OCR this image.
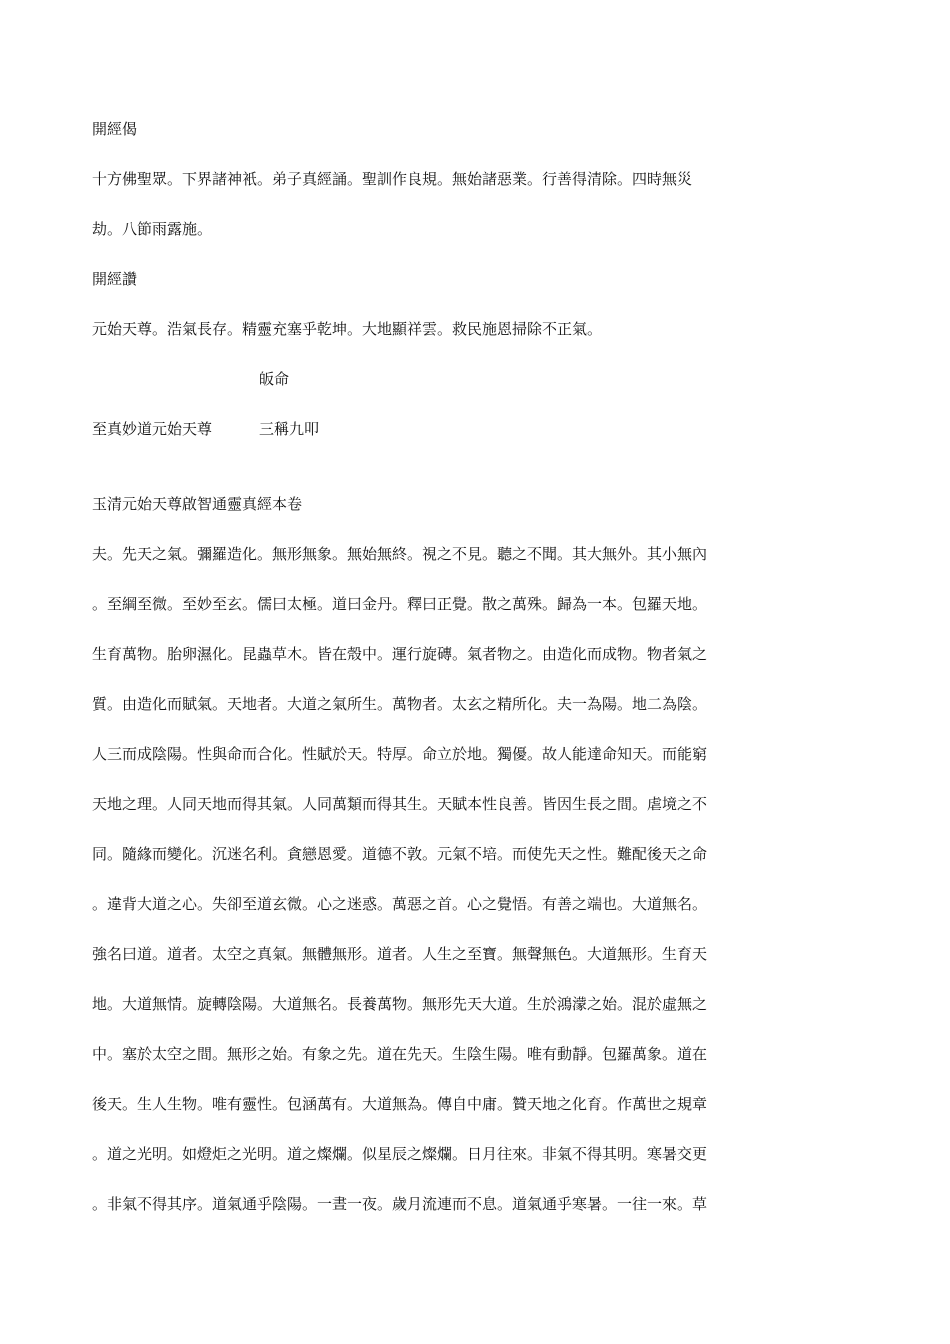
開經偈
十方佛聖眾。下界諸神衹。弟子真經誦。聖訓作良規。無始諸惡業。行善得清除。四時無災
劫。八節雨露施。
開經讚
元始天尊。浩氣長存。精靈充塞乎乾坤。大地顯祥雲。救民施恩掃除不正氣。
皈命
至真妙道元始天尊	三稱九叩
玉清元始天尊啟智通靈真經本卷
夫。先天之氣。彌羅造化。無形無象。無始無終。視之不見。聽之不聞。其大無外。其小無內
。至綱至微。至妙至玄。儒曰太極。道曰金丹。釋曰正覺。散之萬殊。歸為一本。包羅天地。
生育萬物。胎卵濕化。昆蟲草木。皆在殼中。運行旋磚。氣者物之。由造化而成物。物者氣之
質。由造化而賦氣。天地者。大道之氣所生。萬物者。太玄之精所化。夫一為陽。地二為陰。
人三而成陰陽。性與命而合化。性賦於天。特厚。命立於地。獨優。故人能達命知天。而能窮
天地之理。人同天地而得其氣。人同萬類而得其生。天賦本性良善。皆因生長之間。虐境之不
同。隨緣而變化。沉迷名利。貪戀恩愛。道德不敦。元氣不培。而使先天之性。難配後天之命
。違背大道之心。失卻至道玄微。心之迷惑。萬惡之首。心之覺悟。有善之端也。大道無名。
強名曰道。道者。太空之真氣。無體無形。道者。人生之至寶。無聲無色。大道無形。生育天
地。大道無情。旋轉陰陽。大道無名。長養萬物。無形先天大道。生於鴻濛之始。混於虛無之
中。塞於太空之間。無形之始。有象之先。道在先天。生陰生陽。唯有動靜。包羅萬象。道在
後天。生人生物。唯有靈性。包涵萬有。大道無為。傳自中庸。贊天地之化育。作萬世之規章
。道之光明。如燈炬之光明。道之燦爛。似星辰之燦爛。日月往來。非氣不得其明。寒暑交更
。非氣不得其序。道氣通乎陰陽。一晝一夜。歲月流連而不息。道氣通乎寒暑。一往一來。草
